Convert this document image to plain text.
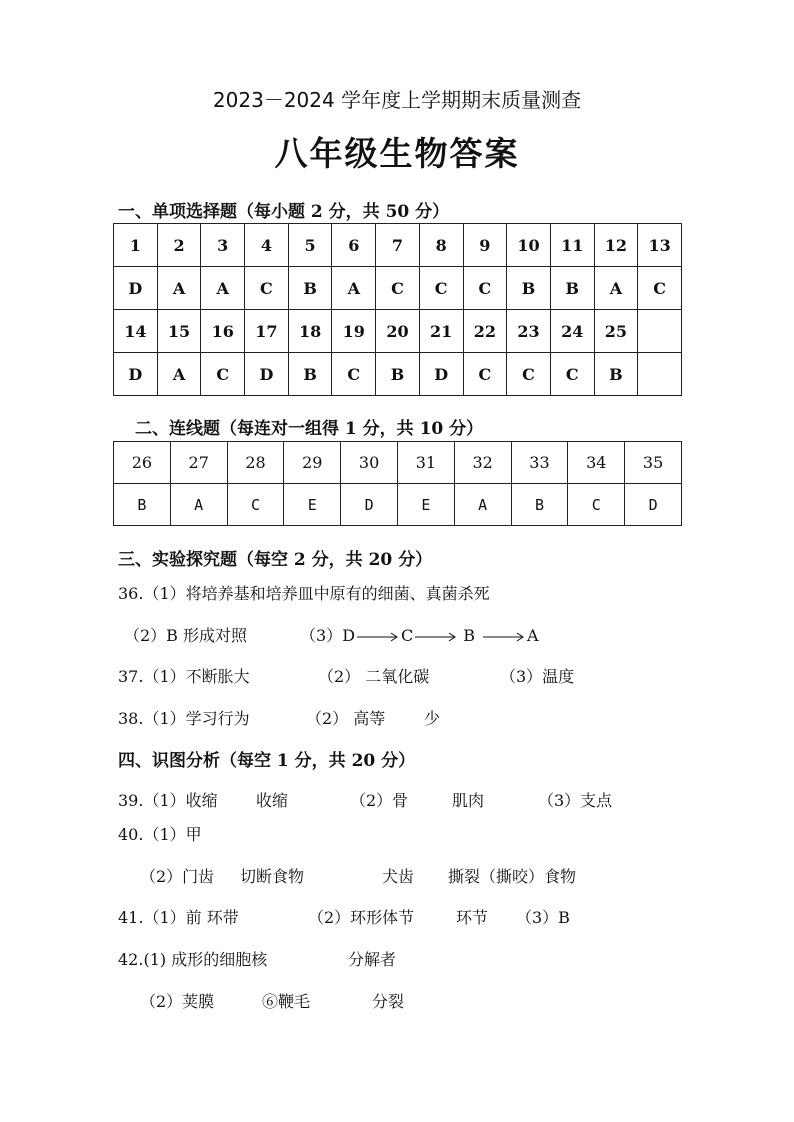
2023－2024 学年度上学期期末质量测查
八年级生物答案
一、单项选择题（每小题 2 分，共 50 分）
1	2	3	4	5	6	7	8	9	10	11	12	13
D	A	A	C	B	A	C	C	C	B	B	A	C
14	15	16	17	18	19	20	21	22	23	24	25	
D	A	C	D	B	C	B	D	C	C	C	B	
二、连线题（每连对一组得 1 分，共 10 分）
26	27	28	29	30	31	32	33	34	35
B	A	C	E	D	E	A	B	C	D
三、实验探究题（每空 2 分，共 20 分）
36.（1）将培养基和培养皿中原有的细菌、真菌杀死
（2）B 形成对照	（3）D	C	B	A
37.（1）不断胀大	（2） 二氧化碳	（3）温度
38.（1）学习行为	（2） 高等 少
四、识图分析（每空 1 分，共 20 分）
39.（1）收缩 收缩	（2）骨	肌肉	（3）支点
40.（1）甲
（2）门齿 切断食物	犬齿 撕裂（撕咬）食物
41.（1）前 环带	（2）环形体节	环节 （3）B
42.(1) 成形的细胞核	分解者
（2）荚膜	⑥鞭毛	分裂
